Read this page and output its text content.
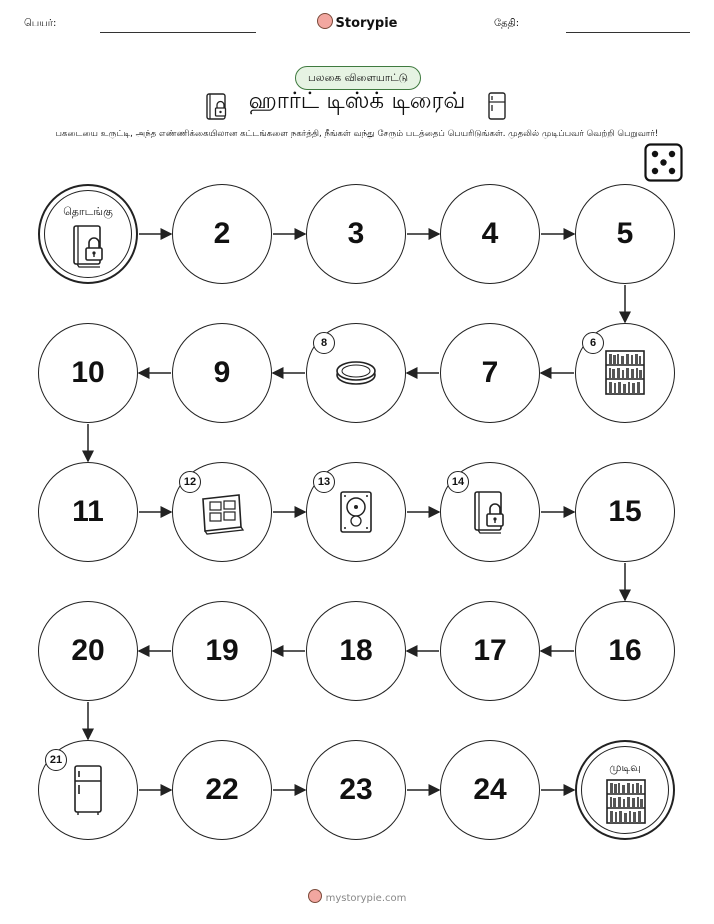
பெயர்:	Storypie	தேதி:
பலகை விளையாட்டு
ஹார்ட் டிஸ்க் டிரைவ்
பகடையை உருட்டி, அந்த எண்ணிக்கையிலான கட்டங்களை நகர்த்தி, நீங்கள் வந்து சேரும் படத்தைப் பெயரிடுங்கள். முதலில் முடிப்பவர் வெற்றி பெறுவார்!
தொடங்கு
2	3	4	5
6
7
8
9
10
11
12	13	14
15
16
17
18
19
20
21
22	23	24
முடிவு
mystorypie.com
